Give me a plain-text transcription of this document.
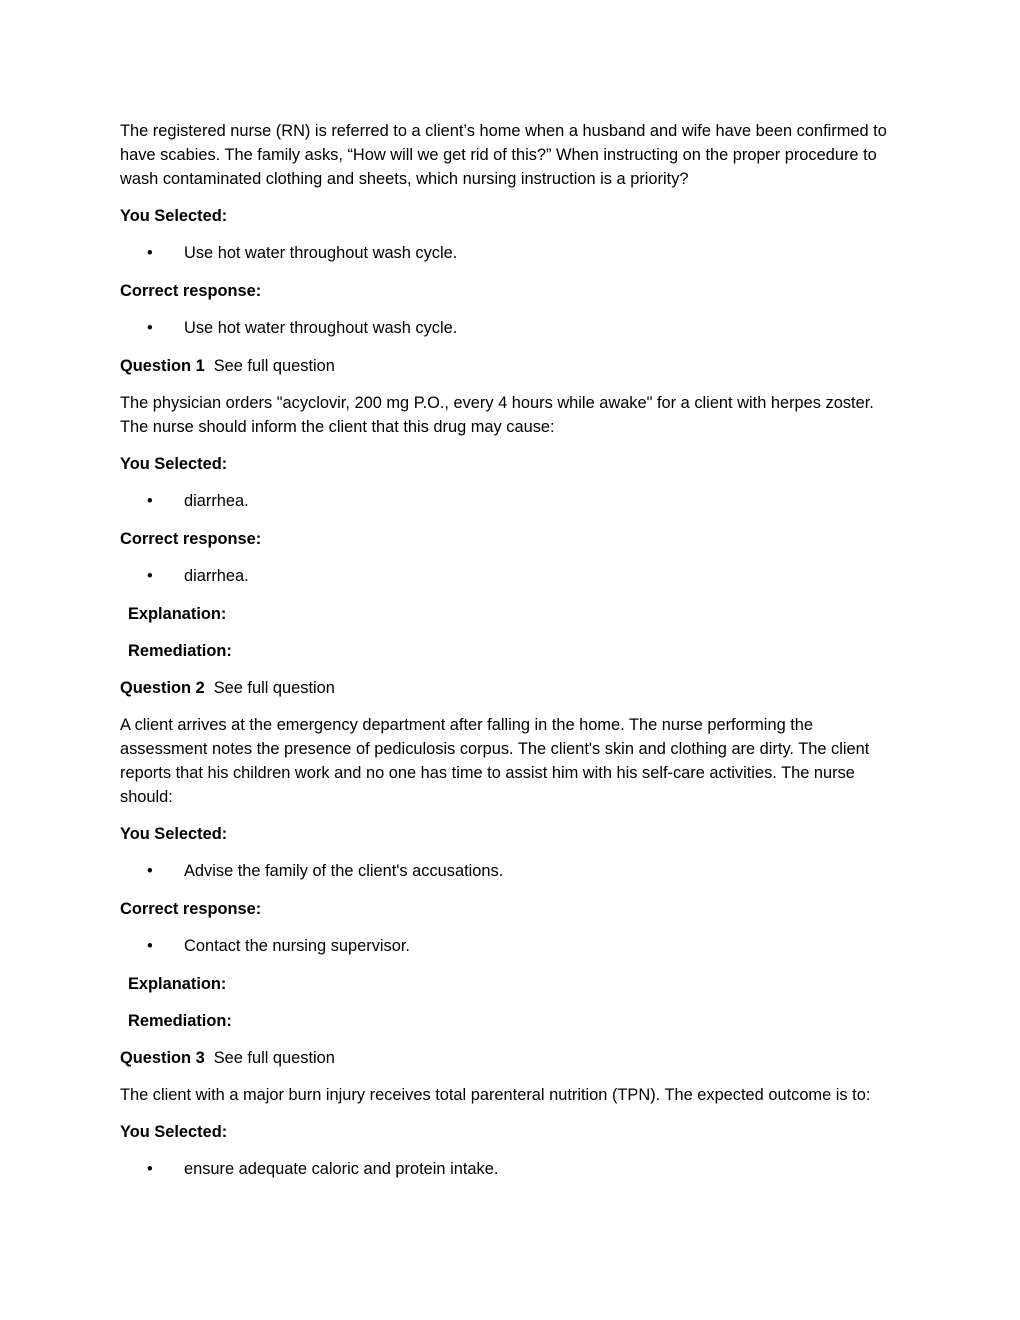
The registered nurse (RN) is referred to a client’s home when a husband and wife have been confirmed to have scabies. The family asks, “How will we get rid of this?” When instructing on the proper procedure to wash contaminated clothing and sheets, which nursing instruction is a priority?

You Selected:
• Use hot water throughout wash cycle.
Correct response:
• Use hot water throughout wash cycle.
Question 1 See full question

The physician orders "acyclovir, 200 mg P.O., every 4 hours while awake" for a client with herpes zoster. The nurse should inform the client that this drug may cause:

You Selected:
• diarrhea.
Correct response:
• diarrhea.
Explanation:
Remediation:
Question 2 See full question

A client arrives at the emergency department after falling in the home. The nurse performing the assessment notes the presence of pediculosis corpus. The client's skin and clothing are dirty. The client reports that his children work and no one has time to assist him with his self-care activities. The nurse should:

You Selected:
• Advise the family of the client's accusations.
Correct response:
• Contact the nursing supervisor.
Explanation:
Remediation:
Question 3 See full question

The client with a major burn injury receives total parenteral nutrition (TPN). The expected outcome is to:

You Selected:
• ensure adequate caloric and protein intake.
